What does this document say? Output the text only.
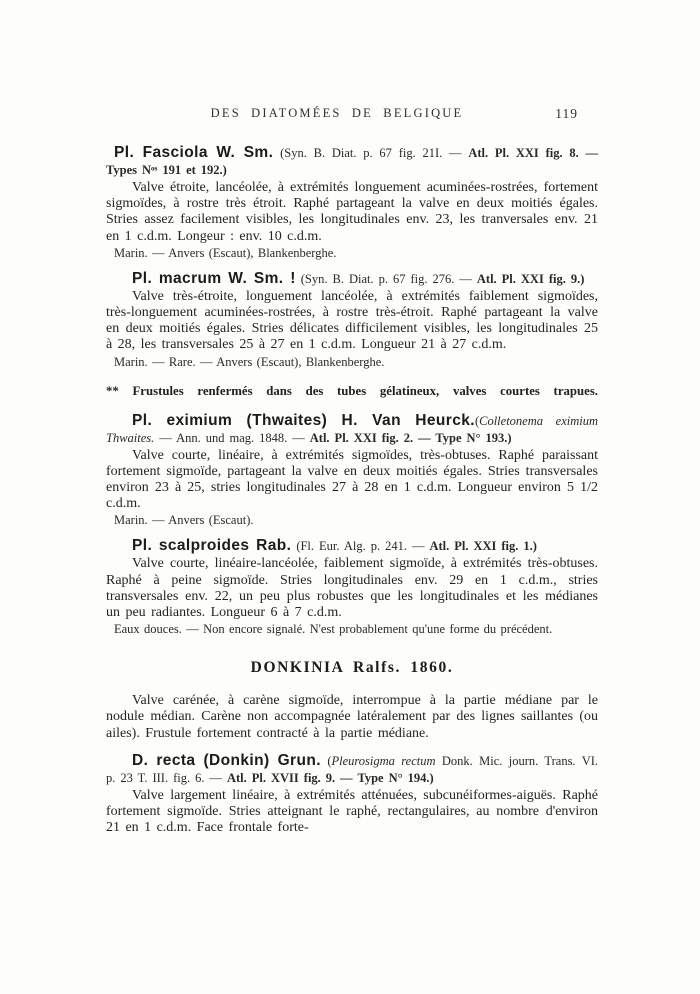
DES DIATOMÉES DE BELGIQUE	119

Pl. Fasciola W. Sm. (Syn. B. Diat. p. 67 fig. 21I. — Atl. Pl. XXI fig. 8. — Types Nᵒˢ 191 et 192.)

Valve étroite, lancéolée, à extrémités longuement acuminées-rostrées, fortement sigmoïdes, à rostre très étroit. Raphé partageant la valve en deux moitiés égales. Stries assez facilement visibles, les longitudinales env. 23, les tranversales env. 21 en 1 c.d.m. Longeur : env. 10 c.d.m.

Marin. — Anvers (Escaut), Blankenberghe.

Pl. macrum W. Sm. ! (Syn. B. Diat. p. 67 fig. 276. — Atl. Pl. XXI fig. 9.)

Valve très-étroite, longuement lancéolée, à extrémités faiblement sigmoïdes, très-longuement acuminées-rostrées, à rostre très-étroit. Raphé partageant la valve en deux moitiés égales. Stries délicates difficilement visibles, les longitudinales 25 à 28, les transversales 25 à 27 en 1 c.d.m. Longueur 21 à 27 c.d.m.

Marin. — Rare. — Anvers (Escaut), Blankenberghe.

** Frustules renfermés dans des tubes gélatineux, valves courtes trapues.

Pl. eximium (Thwaites) H. Van Heurck.(Colletonema eximium Thwaites. — Ann. und mag. 1848. — Atl. Pl. XXI fig. 2. — Type N° 193.)

Valve courte, linéaire, à extrémités sigmoïdes, très-obtuses. Raphé paraissant fortement sigmoïde, partageant la valve en deux moitiés égales. Stries transversales environ 23 à 25, stries longitudinales 27 à 28 en 1 c.d.m. Longueur environ 5 1/2 c.d.m.

Marin. — Anvers (Escaut).

Pl. scalproides Rab. (Fl. Eur. Alg. p. 241. — Atl. Pl. XXI fig. 1.)

Valve courte, linéaire-lancéolée, faiblement sigmoïde, à extrémités très-obtuses. Raphé à peine sigmoïde. Stries longitudinales env. 29 en 1 c.d.m., stries transversales env. 22, un peu plus robustes que les longitudinales et les médianes un peu radiantes. Longueur 6 à 7 c.d.m.

Eaux douces. — Non encore signalé. N'est probablement qu'une forme du précédent.

DONKINIA Ralfs. 1860.

Valve carénée, à carène sigmoïde, interrompue à la partie médiane par le nodule médian. Carène non accompagnée latéralement par des lignes saillantes (ou ailes). Frustule fortement contracté à la partie médiane.

D. recta (Donkin) Grun. (Pleurosigma rectum Donk. Mic. journ. Trans. VI. p. 23 T. III. fig. 6. — Atl. Pl. XVII fig. 9. — Type N° 194.)

Valve largement linéaire, à extrémités atténuées, subcunéiformes-aiguës. Raphé fortement sigmoïde. Stries atteignant le raphé, rectangulaires, au nombre d'environ 21 en 1 c.d.m. Face frontale forte-
